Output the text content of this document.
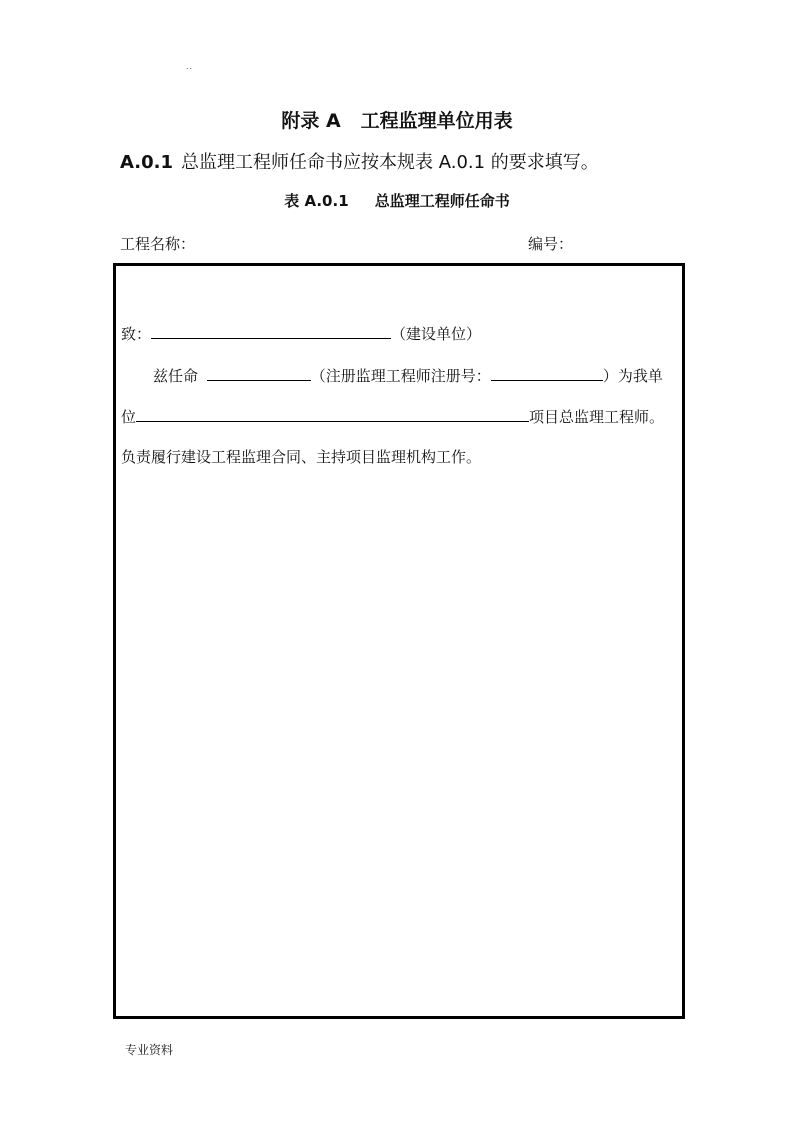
..
附录 A   工程监理单位用表
A.0.1 总监理工程师任命书应按本规表 A.0.1 的要求填写。
表 A.0.1     总监理工程师任命书
工程名称：	编号：
致：	（建设单位）
兹任命	（注册监理工程师注册号：	）为我单
位	项目总监理工程师。
负责履行建设工程监理合同、主持项目监理机构工作。
专业资料
